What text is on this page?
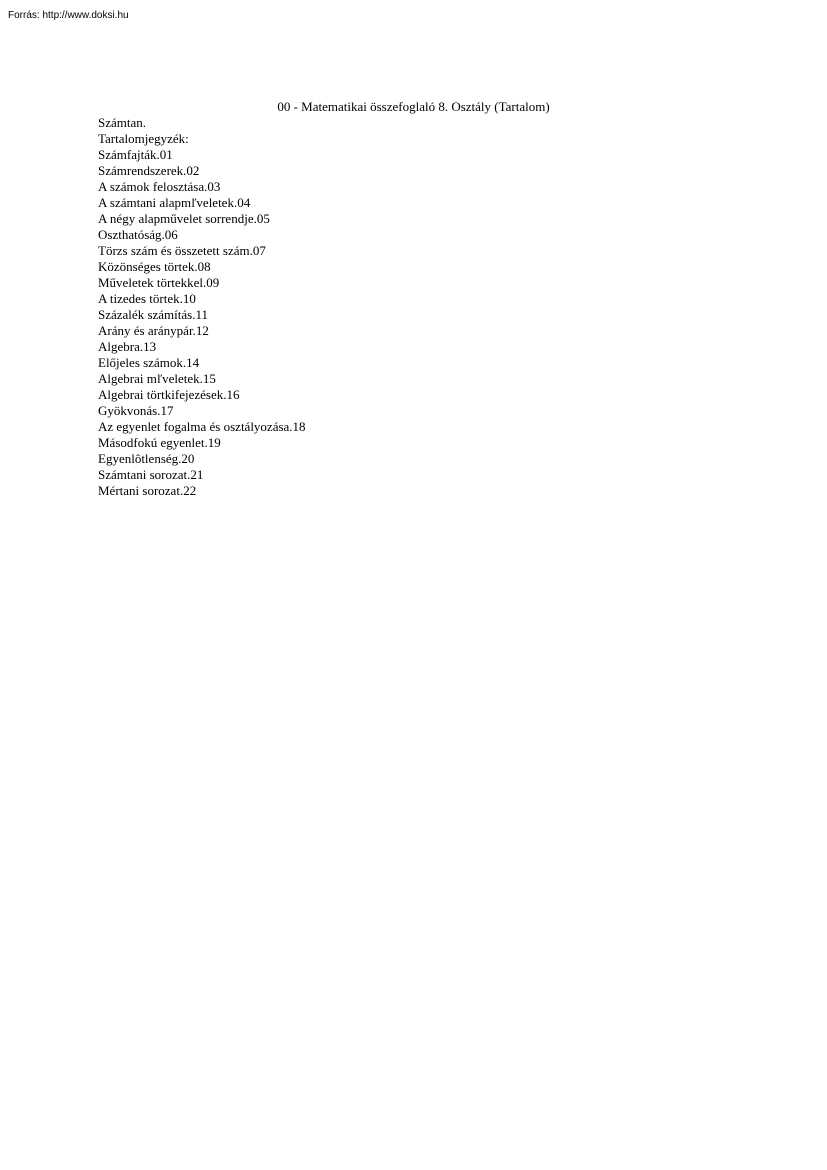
Forrás: http://www.doksi.hu
00 - Matematikai összefoglaló 8. Osztály (Tartalom)
Számtan.
Tartalomjegyzék:
Számfajták.01
Számrendszerek.02
A számok felosztása.03
A számtani alapmľveletek.04
A négy alapművelet sorrendje.05
Oszthatóság.06
Törzs szám és összetett szám.07
Közönséges törtek.08
Műveletek törtekkel.09
A tizedes törtek.10
Százalék számítás.11
Arány és aránypár.12
Algebra.13
Előjeles számok.14
Algebrai mľveletek.15
Algebrai törtkifejezések.16
Gyökvonás.17
Az egyenlet fogalma és osztályozása.18
Másodfokú egyenlet.19
Egyenlôtlenség.20
Számtani sorozat.21
Mértani sorozat.22
